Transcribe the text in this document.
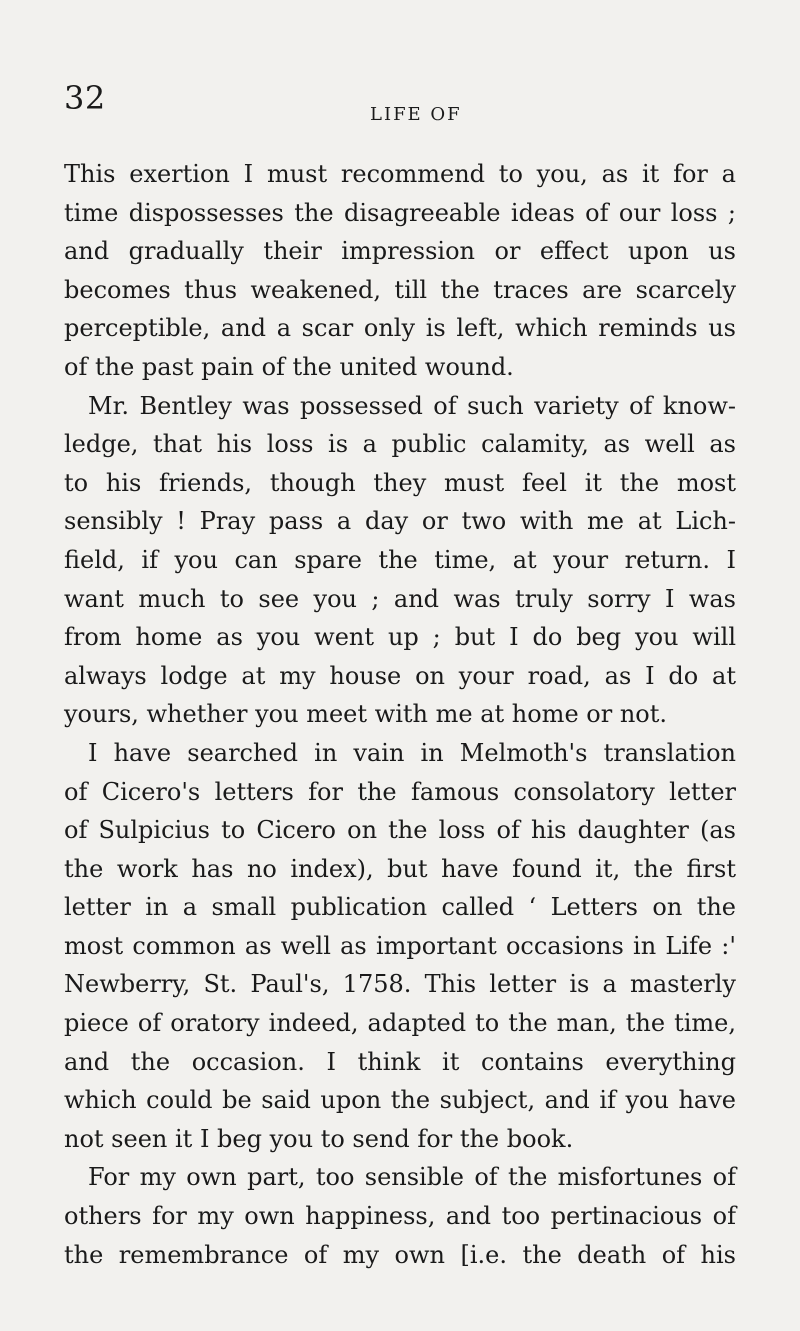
32	LIFE OF
This exertion I must recommend to you, as it for a
time dispossesses the disagreeable ideas of our loss ;
and gradually their impression or effect upon us
becomes thus weakened, till the traces are scarcely
perceptible, and a scar only is left, which reminds us
of the past pain of the united wound.
Mr. Bentley was possessed of such variety of know-
ledge, that his loss is a public calamity, as well as
to his friends, though they must feel it the most
sensibly ! Pray pass a day or two with me at Lich-
field, if you can spare the time, at your return. I
want much to see you ; and was truly sorry I was
from home as you went up ; but I do beg you will
always lodge at my house on your road, as I do at
yours, whether you meet with me at home or not.
I have searched in vain in Melmoth's translation
of Cicero's letters for the famous consolatory letter
of Sulpicius to Cicero on the loss of his daughter (as
the work has no index), but have found it, the first
letter in a small publication called ‘ Letters on the
most common as well as important occasions in Life :'
Newberry, St. Paul's, 1758. This letter is a masterly
piece of oratory indeed, adapted to the man, the time,
and the occasion. I think it contains everything
which could be said upon the subject, and if you have
not seen it I beg you to send for the book.
For my own part, too sensible of the misfortunes of
others for my own happiness, and too pertinacious of
the remembrance of my own [i.e. the death of his
